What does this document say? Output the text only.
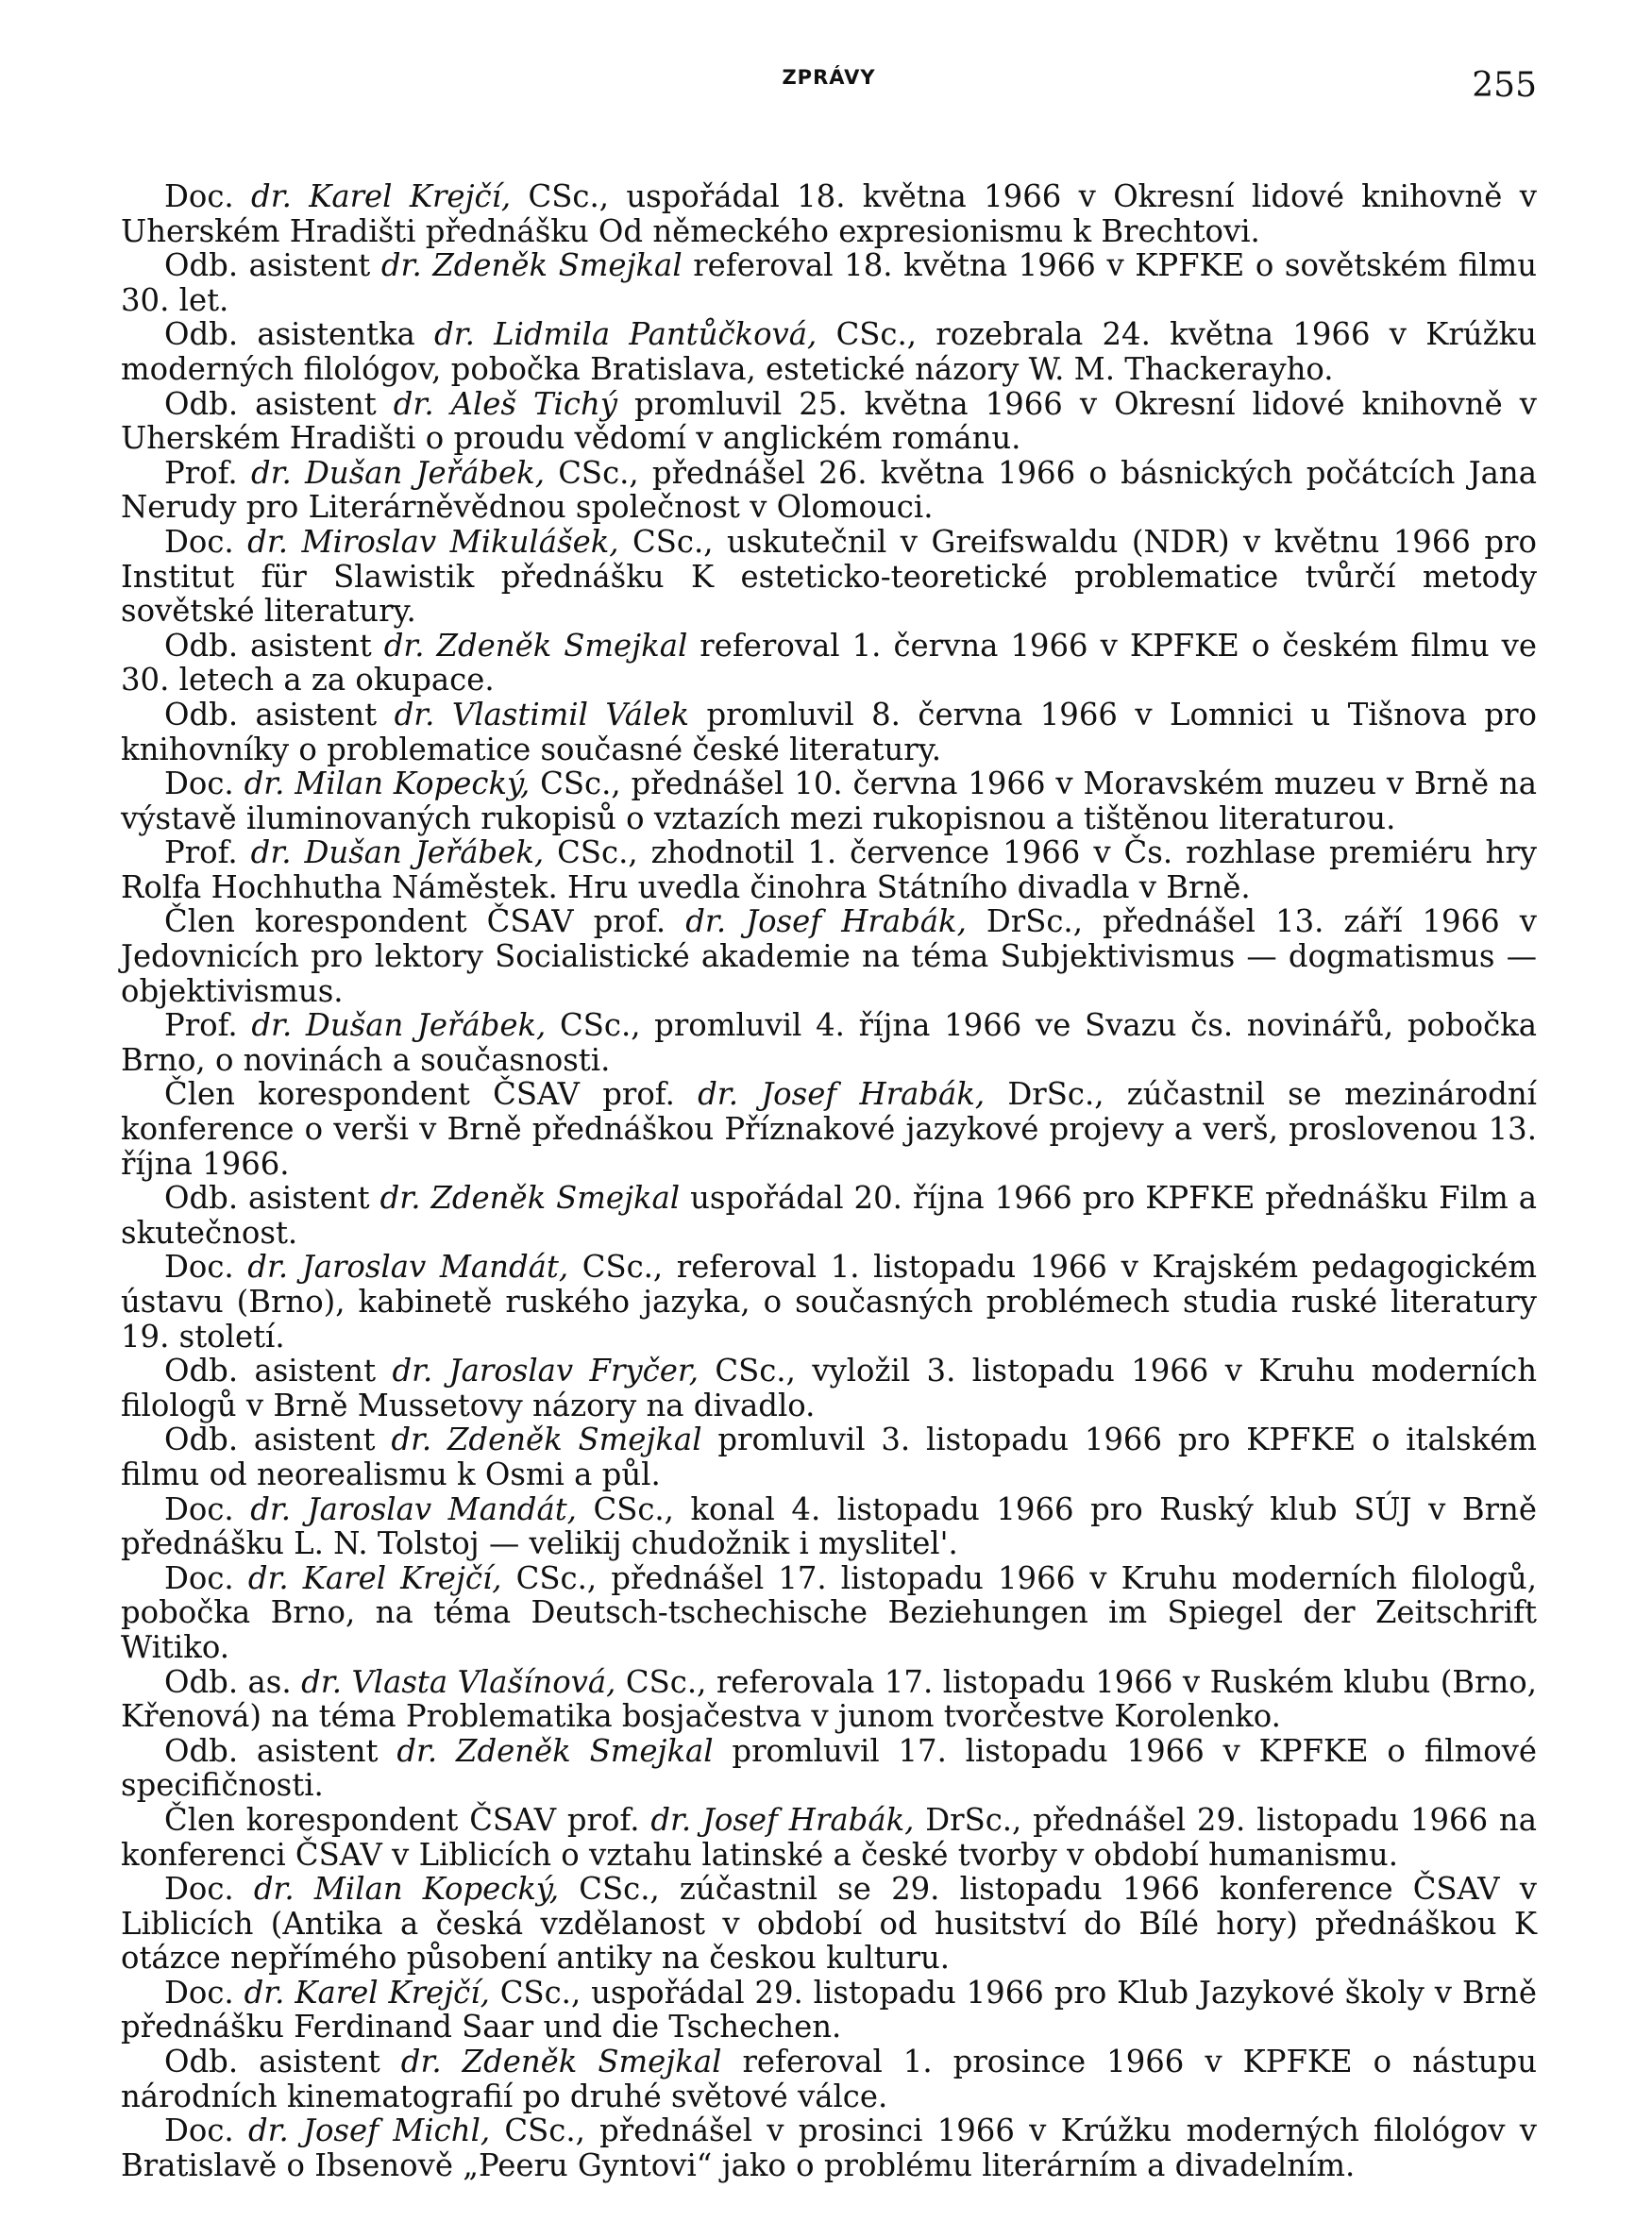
ZPRÁVY	255

Doc. dr. Karel Krejčí, CSc., uspořádal 18. května 1966 v Okresní lidové knihovně v Uherském Hradišti přednášku Od německého expresionismu k Brechtovi.

Odb. asistent dr. Zdeněk Smejkal referoval 18. května 1966 v KPFKE o sovětském filmu 30. let.

Odb. asistentka dr. Lidmila Pantůčková, CSc., rozebrala 24. května 1966 v Krúžku moderných filológov, pobočka Bratislava, estetické názory W. M. Thackerayho.

Odb. asistent dr. Aleš Tichý promluvil 25. května 1966 v Okresní lidové knihovně v Uherském Hradišti o proudu vědomí v anglickém románu.

Prof. dr. Dušan Jeřábek, CSc., přednášel 26. května 1966 o básnických počátcích Jana Nerudy pro Literárněvědnou společnost v Olomouci.

Doc. dr. Miroslav Mikulášek, CSc., uskutečnil v Greifswaldu (NDR) v květnu 1966 pro Institut für Slawistik přednášku K esteticko-teoretické problematice tvůrčí metody sovětské literatury.

Odb. asistent dr. Zdeněk Smejkal referoval 1. června 1966 v KPFKE o českém filmu ve 30. letech a za okupace.

Odb. asistent dr. Vlastimil Válek promluvil 8. června 1966 v Lomnici u Tišnova pro knihovníky o problematice současné české literatury.

Doc. dr. Milan Kopecký, CSc., přednášel 10. června 1966 v Moravském muzeu v Brně na výstavě iluminovaných rukopisů o vztazích mezi rukopisnou a tištěnou literaturou.

Prof. dr. Dušan Jeřábek, CSc., zhodnotil 1. července 1966 v Čs. rozhlase premiéru hry Rolfa Hochhutha Náměstek. Hru uvedla činohra Státního divadla v Brně.

Člen korespondent ČSAV prof. dr. Josef Hrabák, DrSc., přednášel 13. září 1966 v Jedovnicích pro lektory Socialistické akademie na téma Subjektivismus — dogmatismus — objektivismus.

Prof. dr. Dušan Jeřábek, CSc., promluvil 4. října 1966 ve Svazu čs. novinářů, pobočka Brno, o novinách a současnosti.

Člen korespondent ČSAV prof. dr. Josef Hrabák, DrSc., zúčastnil se mezinárodní konference o verši v Brně přednáškou Příznakové jazykové projevy a verš, proslovenou 13. října 1966.

Odb. asistent dr. Zdeněk Smejkal uspořádal 20. října 1966 pro KPFKE přednášku Film a skutečnost.

Doc. dr. Jaroslav Mandát, CSc., referoval 1. listopadu 1966 v Krajském pedagogickém ústavu (Brno), kabinetě ruského jazyka, o současných problémech studia ruské literatury 19. století.

Odb. asistent dr. Jaroslav Fryčer, CSc., vyložil 3. listopadu 1966 v Kruhu moderních filologů v Brně Mussetovy názory na divadlo.

Odb. asistent dr. Zdeněk Smejkal promluvil 3. listopadu 1966 pro KPFKE o italském filmu od neorealismu k Osmi a půl.

Doc. dr. Jaroslav Mandát, CSc., konal 4. listopadu 1966 pro Ruský klub SÚJ v Brně přednášku L. N. Tolstoj — velikij chudožnik i myslitel'.

Doc. dr. Karel Krejčí, CSc., přednášel 17. listopadu 1966 v Kruhu moderních filologů, pobočka Brno, na téma Deutsch-tschechische Beziehungen im Spiegel der Zeitschrift Witiko.

Odb. as. dr. Vlasta Vlašínová, CSc., referovala 17. listopadu 1966 v Ruském klubu (Brno, Křenová) na téma Problematika bosjačestva v junom tvorčestve Korolenko.

Odb. asistent dr. Zdeněk Smejkal promluvil 17. listopadu 1966 v KPFKE o filmové specifičnosti.

Člen korespondent ČSAV prof. dr. Josef Hrabák, DrSc., přednášel 29. listopadu 1966 na konferenci ČSAV v Liblicích o vztahu latinské a české tvorby v období humanismu.

Doc. dr. Milan Kopecký, CSc., zúčastnil se 29. listopadu 1966 konference ČSAV v Liblicích (Antika a česká vzdělanost v období od husitství do Bílé hory) přednáškou K otázce nepřímého působení antiky na českou kulturu.

Doc. dr. Karel Krejčí, CSc., uspořádal 29. listopadu 1966 pro Klub Jazykové školy v Brně přednášku Ferdinand Saar und die Tschechen.

Odb. asistent dr. Zdeněk Smejkal referoval 1. prosince 1966 v KPFKE o nástupu národních kinematografií po druhé světové válce.

Doc. dr. Josef Michl, CSc., přednášel v prosinci 1966 v Krúžku moderných filológov v Bratislavě o Ibsenově „Peeru Gyntovi“ jako o problému literárním a divadelním.
